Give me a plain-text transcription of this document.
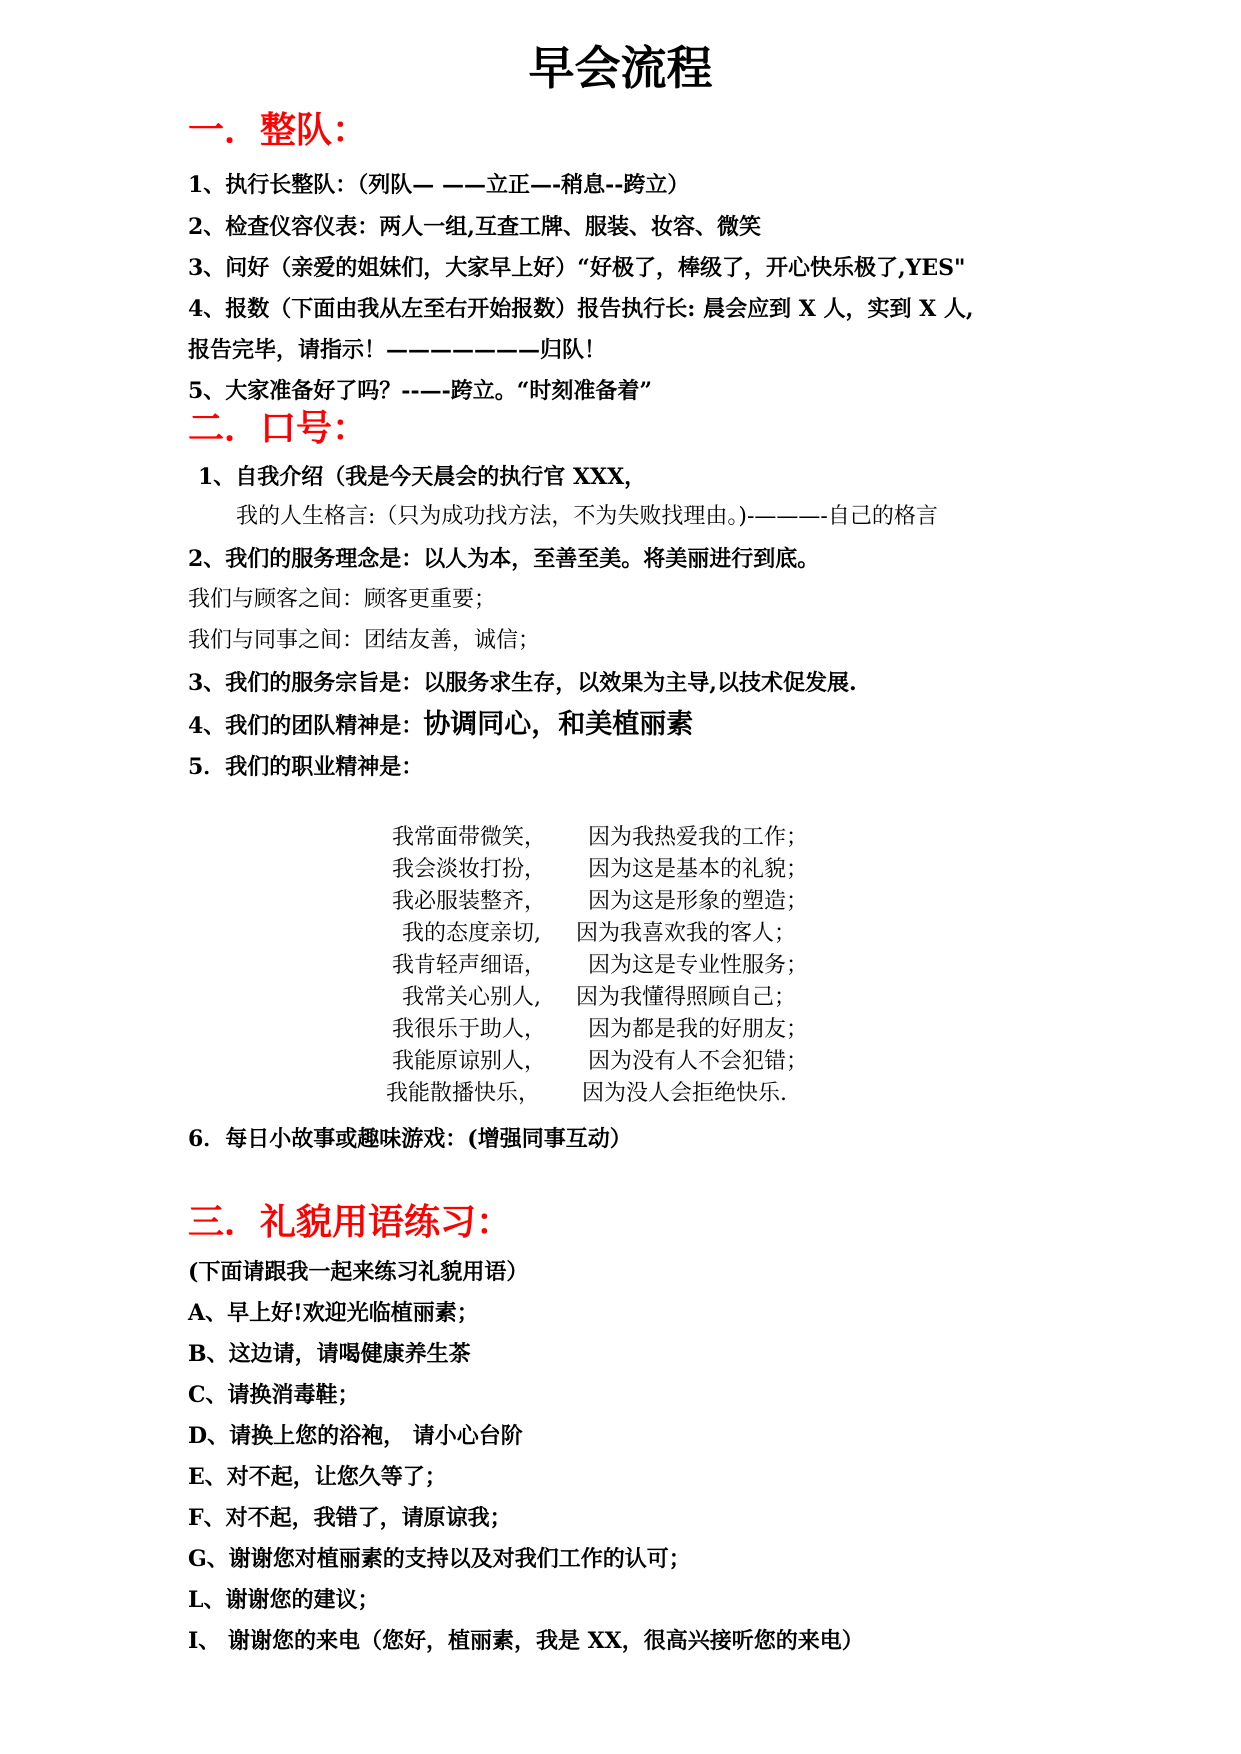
早会流程
一．整队：
1、执行长整队：（列队— ——立正—-稍息--跨立）
2、检查仪容仪表：两人一组,互查工牌、服装、妆容、微笑
3、问好（亲爱的姐妹们，大家早上好）“好极了，棒级了，开心快乐极了,YES"
4、报数（下面由我从左至右开始报数）报告执行长: 晨会应到 X 人，实到 X 人,
报告完毕，请指示！———————归队！
5、大家准备好了吗？--—-跨立。“时刻准备着”
二．口号：
1、自我介绍（我是今天晨会的执行官 XXX，
我的人生格言:（只为成功找方法，不为失败找理由。)-———-自己的格言
2、我们的服务理念是：以人为本，至善至美。将美丽进行到底。
我们与顾客之间：顾客更重要；
我们与同事之间：团结友善，诚信；
3、我们的服务宗旨是：以服务求生存，以效果为主导,以技术促发展.
4、我们的团队精神是：协调同心，和美植丽素
5．我们的职业精神是：
我常面带微笑， 因为我热爱我的工作；
我会淡妆打扮， 因为这是基本的礼貌；
我必服装整齐， 因为这是形象的塑造；
我的态度亲切, 因为我喜欢我的客人；
我肯轻声细语， 因为这是专业性服务；
我常关心别人, 因为我懂得照顾自己；
我很乐于助人， 因为都是我的好朋友；
我能原谅别人， 因为没有人不会犯错；
我能散播快乐， 因为没人会拒绝快乐.
6．每日小故事或趣味游戏：(增强同事互动）
三．礼貌用语练习：
(下面请跟我一起来练习礼貌用语）
A、早上好!欢迎光临植丽素；
B、这边请，请喝健康养生茶
C、请换消毒鞋；
D、请换上您的浴袍， 请小心台阶
E、对不起，让您久等了；
F、对不起，我错了，请原谅我；
G、谢谢您对植丽素的支持以及对我们工作的认可；
L、谢谢您的建议；
I、 谢谢您的来电（您好，植丽素，我是 XX，很高兴接听您的来电）
